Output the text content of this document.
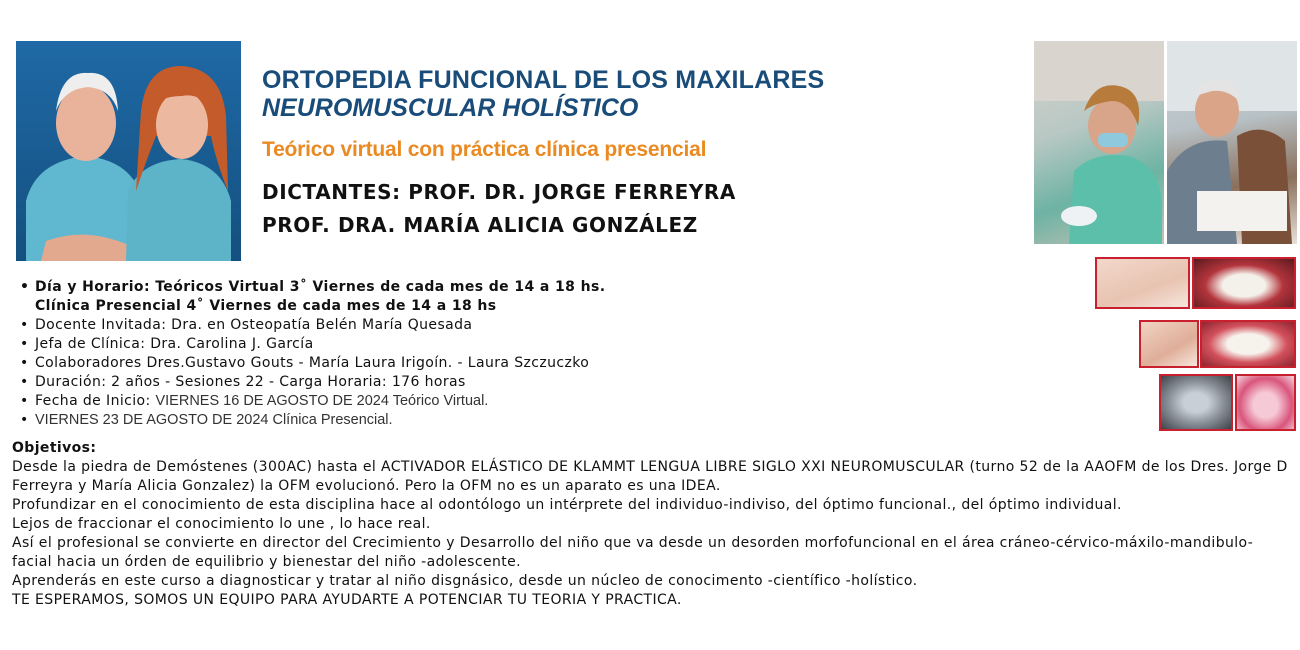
ORTOPEDIA FUNCIONAL DE LOS MAXILARES
NEUROMUSCULAR HOLÍSTICO
Teórico virtual con práctica clínica presencial
DICTANTES: PROF. DR. JORGE FERREYRA
PROF. DRA. MARÍA ALICIA GONZÁLEZ
• Día y Horario: Teóricos Virtual 3˚ Viernes de cada mes de 14 a 18 hs.
Clínica Presencial 4˚ Viernes de cada mes de 14 a 18 hs
• Docente Invitada: Dra. en Osteopatía Belén María Quesada
• Jefa de Clínica: Dra. Carolina J. García
• Colaboradores Dres.Gustavo Gouts - María Laura Irigoín. - Laura Szczuczko
• Duración: 2 años - Sesiones 22 - Carga Horaria: 176 horas
• Fecha de Inicio: VIERNES 16 DE AGOSTO DE 2024 Teórico Virtual.
• VIERNES 23 DE AGOSTO DE 2024 Clínica Presencial.

Objetivos:

Desde la piedra de Demóstenes (300AC) hasta el ACTIVADOR ELÁSTICO DE KLAMMT LENGUA LIBRE SIGLO XXI NEUROMUSCULAR (turno 52 de la AAOFM de los Dres. Jorge D Ferreyra y María Alicia Gonzalez) la OFM evolucionó. Pero la OFM no es un aparato es una IDEA.

Profundizar en el conocimiento de esta disciplina hace al odontólogo un intérprete del individuo-indiviso, del óptimo funcional., del óptimo individual.

Lejos de fraccionar el conocimiento lo une , lo hace real.

Así el profesional se convierte en director del Crecimiento y Desarrollo del niño que va desde un desorden morfofuncional en el área cráneo-cérvico-máxilo-mandibulo-facial hacia un órden de equilibrio y bienestar del niño -adolescente.

Aprenderás en este curso a diagnosticar y tratar al niño disgnásico, desde un núcleo de conocimento -científico -holístico.

TE ESPERAMOS, SOMOS UN EQUIPO PARA AYUDARTE A POTENCIAR TU TEORIA Y PRACTICA.
